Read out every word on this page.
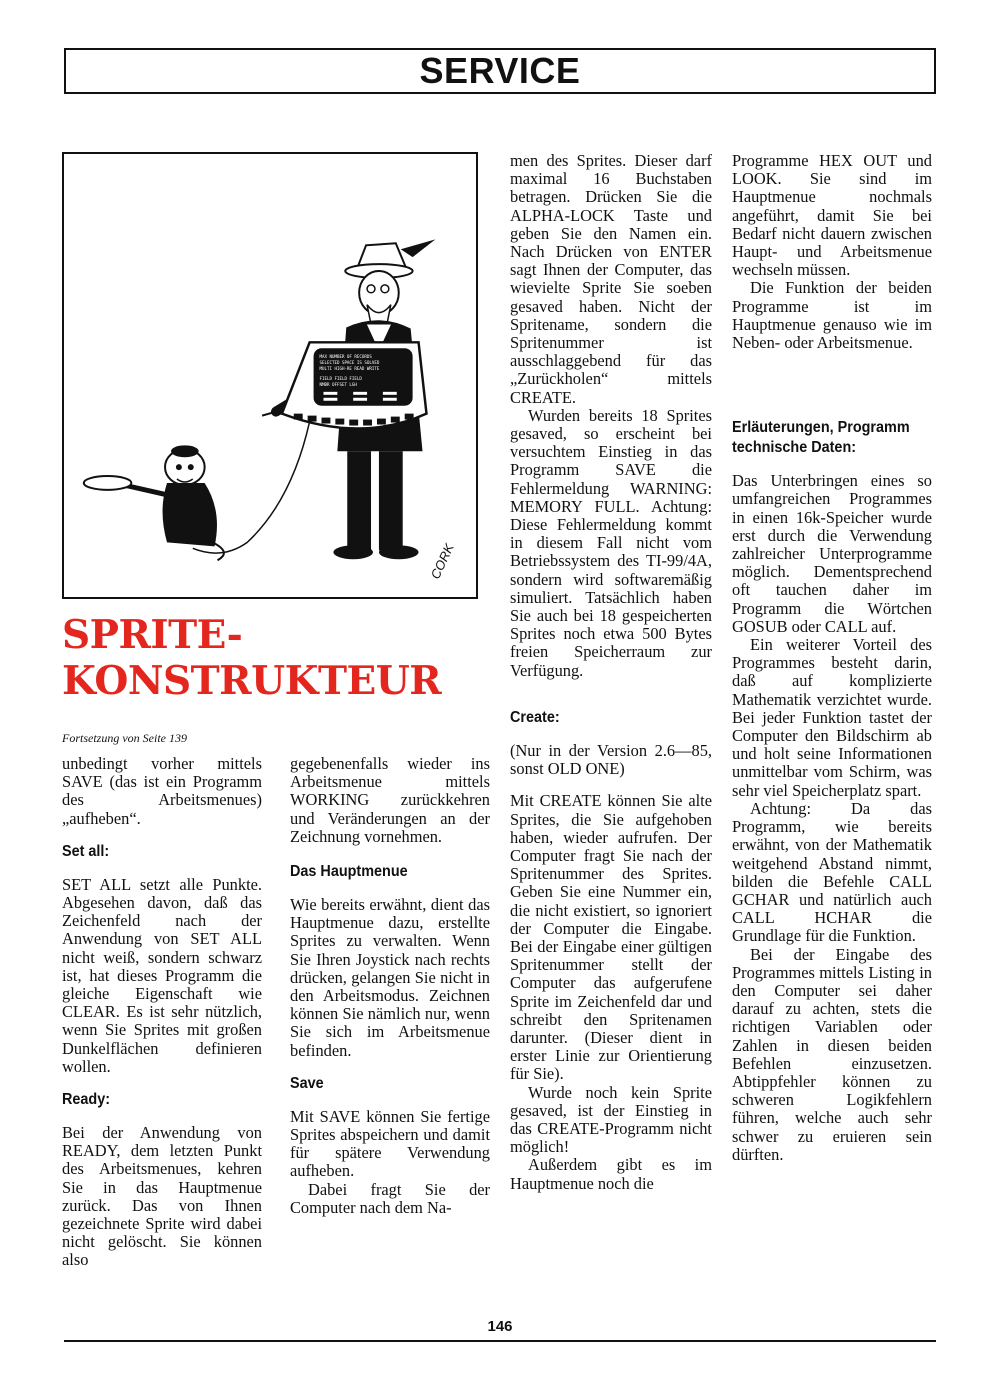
SERVICE
MAX NUMBER OF RECORDS
SELECTED SPACE IS SOLVED
MULTI HIGH-RE READ WRITE
FIELD FIELD FIELD
NMBR OFFSET LGH
CORK
SPRITE-
KONSTRUKTEUR
Fortsetzung von Seite 139

unbedingt vorher mittels SAVE (das ist ein Programm des Arbeitsmenues) „aufheben“.

Set all:

SET ALL setzt alle Punkte. Abgesehen davon, daß das Zeichenfeld nach der Anwendung von SET ALL nicht weiß, sondern schwarz ist, hat dieses Programm die gleiche Eigenschaft wie CLEAR. Es ist sehr nützlich, wenn Sie Sprites mit großen Dunkelflächen definieren wollen.

Ready:

Bei der Anwendung von READY, dem letzten Punkt des Arbeitsmenues, kehren Sie in das Hauptmenue zurück. Das von Ihnen gezeichnete Sprite wird dabei nicht gelöscht. Sie können also

gegebenenfalls wieder ins Arbeitsmenue mittels WORKING zurückkehren und Veränderungen an der Zeichnung vornehmen.

Das Hauptmenue

Wie bereits erwähnt, dient das Hauptmenue dazu, erstellte Sprites zu verwalten. Wenn Sie Ihren Joystick nach rechts drücken, gelangen Sie nicht in den Arbeitsmodus. Zeichnen können Sie nämlich nur, wenn Sie sich im Arbeitsmenue befinden.

Save

Mit SAVE können Sie fertige Sprites abspeichern und damit für spätere Verwendung aufheben.

Dabei fragt Sie der Computer nach dem Na-

men des Sprites. Dieser darf maximal 16 Buchstaben betragen. Drücken Sie die ALPHA-LOCK Taste und geben Sie den Namen ein. Nach Drücken von ENTER sagt Ihnen der Computer, das wievielte Sprite Sie soeben gesaved haben. Nicht der Spritename, sondern die Spritenummer ist ausschlaggebend für das „Zurückholen“ mittels CREATE.

Wurden bereits 18 Sprites gesaved, so erscheint bei versuchtem Einstieg in das Programm SAVE die Fehlermeldung WARNING: MEMORY FULL. Achtung: Diese Fehlermeldung kommt in diesem Fall nicht vom Betriebssystem des TI-99/4A, sondern wird softwaremäßig simuliert. Tatsächlich haben Sie auch bei 18 gespeicherten Sprites noch etwa 500 Bytes freien Speicherraum zur Verfügung.

Create:

(Nur in der Version 2.6—85, sonst OLD ONE)

Mit CREATE können Sie alte Sprites, die Sie aufgehoben haben, wieder aufrufen. Der Computer fragt Sie nach der Spritenummer des Sprites. Geben Sie eine Nummer ein, die nicht existiert, so ignoriert der Computer die Eingabe. Bei der Eingabe einer gültigen Spritenummer stellt der Computer das aufgerufene Sprite im Zeichenfeld dar und schreibt den Spritenamen darunter. (Dieser dient in erster Linie zur Orientierung für Sie).

Wurde noch kein Sprite gesaved, ist der Einstieg in das CREATE-Programm nicht möglich!

Außerdem gibt es im Hauptmenue noch die

Programme HEX OUT und LOOK. Sie sind im Hauptmenue nochmals angeführt, damit Sie bei Bedarf nicht dauern zwischen Haupt- und Arbeitsmenue wechseln müssen.

Die Funktion der beiden Programme ist im Hauptmenue genauso wie im Neben- oder Arbeitsmenue.

Erläuterungen, Programm technische Daten:

Das Unterbringen eines so umfangreichen Programmes in einen 16k-Speicher wurde erst durch die Verwendung zahlreicher Unterprogramme möglich. Dementsprechend oft tauchen daher im Programm die Wörtchen GOSUB oder CALL auf.

Ein weiterer Vorteil des Programmes besteht darin, daß auf komplizierte Mathematik verzichtet wurde. Bei jeder Funktion tastet der Computer den Bildschirm ab und holt seine Informationen unmittelbar vom Schirm, was sehr viel Speicherplatz spart.

Achtung: Da das Programm, wie bereits erwähnt, von der Mathematik weitgehend Abstand nimmt, bilden die Befehle CALL GCHAR und natürlich auch CALL HCHAR die Grundlage für die Funktion.

Bei der Eingabe des Programmes mittels Listing in den Computer sei daher darauf zu achten, stets die richtigen Variablen oder Zahlen in diesen beiden Befehlen einzusetzen. Abtippfehler können zu schweren Logikfehlern führen, welche auch sehr schwer zu eruieren sein dürften.

146
